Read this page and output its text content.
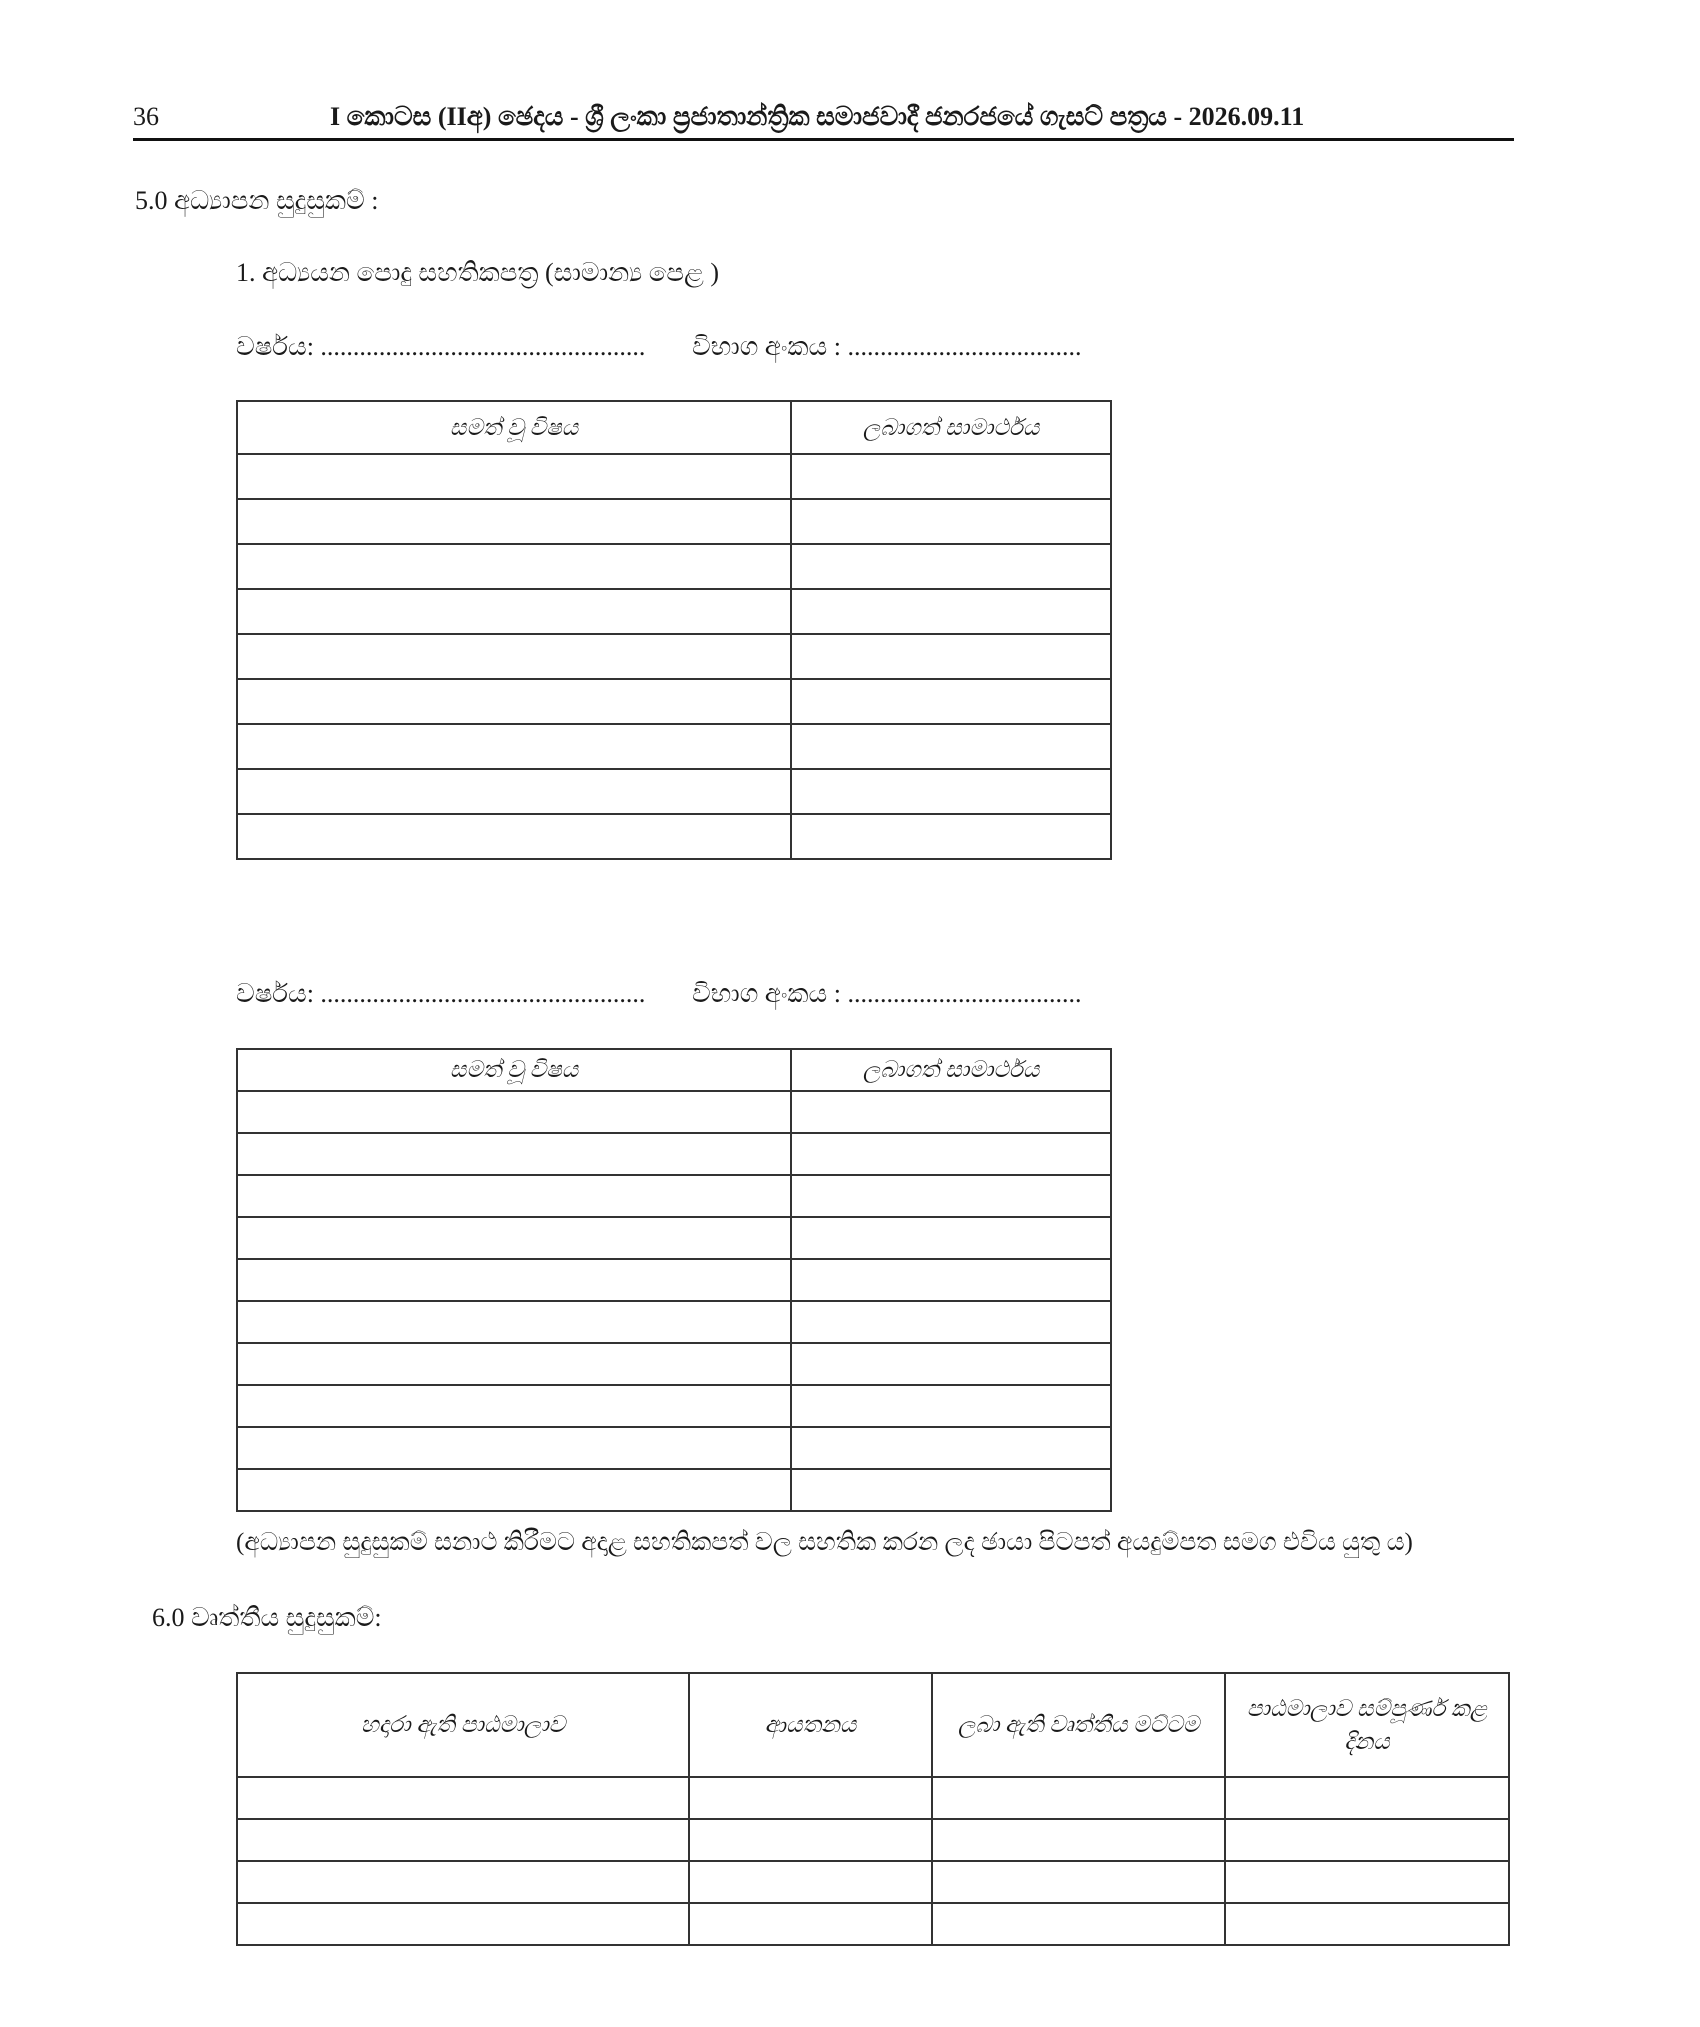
36	I කොටස (IIඅ) ඡෙදය - ශ්‍රී ලංකා ප්‍රජාතාන්ත්‍රික සමාජවාදී ජනරජයේ ගැසට් පත්‍රය - 2026.09.11
5.0 අධ්‍යාපන සුදුසුකම් :
1. අධ්‍යයන පොදු සහතිකපත්‍ර (සාමාන්‍ය පෙළ )
වර්ෂය: .................................................. විභාග අංකය : ....................................
සමත් වූ විෂය	ලබාගත් සාමාර්ථය

වර්ෂය: .................................................. විභාග අංකය : ....................................
සමත් වූ විෂය	ලබාගත් සාමාර්ථය

(අධ්‍යාපන සුදුසුකම් සනාථ කිරීමට අදාළ සහතිකපත් වල සහතික කරන ලද ඡායා පිටපත් අයදුම්පත සමග එවිය යුතු ය)
6.0 වෘත්තීය සුදුසුකම්:
හදාරා ඇති පාඨමාලාව	ආයතනය	ලබා ඇති වෘත්තීය මට්ටම	පාඨමාලාව සම්පූර්ණ කළ දිනය
